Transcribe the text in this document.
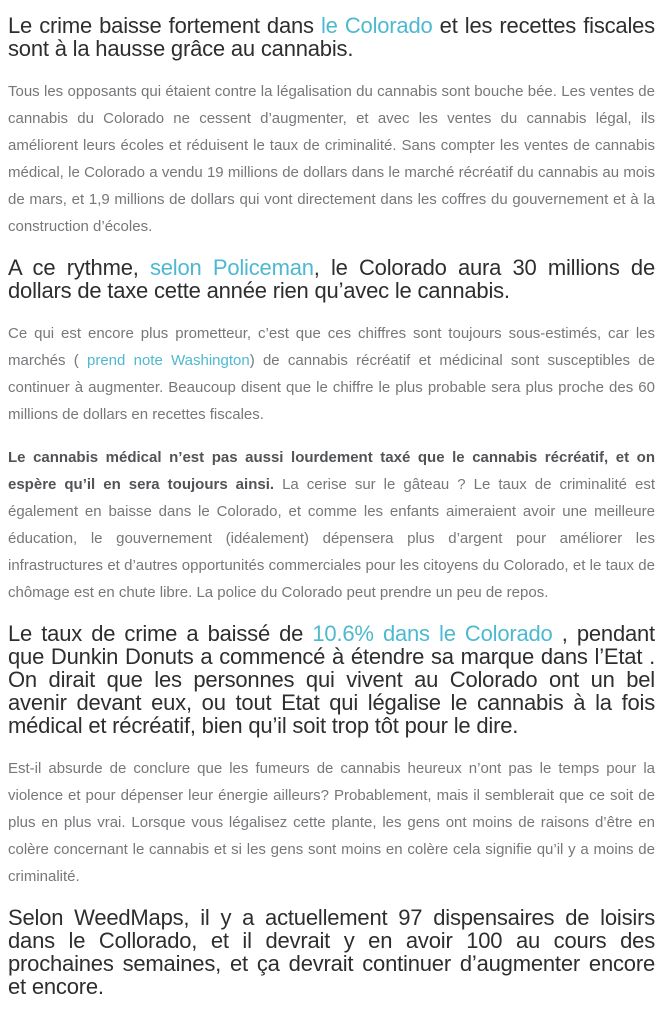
Le crime baisse fortement dans le Colorado et les recettes fiscales sont à la hausse grâce au cannabis.

Tous les opposants qui étaient contre la légalisation du cannabis sont bouche bée. Les ventes de cannabis du Colorado ne cessent d’augmenter, et avec les ventes du cannabis légal, ils améliorent leurs écoles et réduisent le taux de criminalité. Sans compter les ventes de cannabis médical, le Colorado a vendu 19 millions de dollars dans le marché récréatif du cannabis au mois de mars, et 1,9 millions de dollars qui vont directement dans les coffres du gouvernement et à la construction d’écoles.

A ce rythme, selon Policeman, le Colorado aura 30 millions de dollars de taxe cette année rien qu’avec le cannabis.

Ce qui est encore plus prometteur, c’est que ces chiffres sont toujours sous-estimés, car les marchés ( prend note Washington) de cannabis récréatif et médicinal sont susceptibles de continuer à augmenter. Beaucoup disent que le chiffre le plus probable sera plus proche des 60 millions de dollars en recettes fiscales.

Le cannabis médical n’est pas aussi lourdement taxé que le cannabis récréatif, et on espère qu’il en sera toujours ainsi. La cerise sur le gâteau ? Le taux de criminalité est également en baisse dans le Colorado, et comme les enfants aimeraient avoir une meilleure éducation, le gouvernement (idéalement) dépensera plus d’argent pour améliorer les infrastructures et d’autres opportunités commerciales pour les citoyens du Colorado, et le taux de chômage est en chute libre. La police du Colorado peut prendre un peu de repos.

Le taux de crime a baissé de 10.6% dans le Colorado , pendant que Dunkin Donuts a commencé à étendre sa marque dans l’Etat . On dirait que les personnes qui vivent au Colorado ont un bel avenir devant eux, ou tout Etat qui légalise le cannabis à la fois médical et récréatif, bien qu’il soit trop tôt pour le dire.

Est-il absurde de conclure que les fumeurs de cannabis heureux n’ont pas le temps pour la violence et pour dépenser leur énergie ailleurs? Probablement, mais il semblerait que ce soit de plus en plus vrai. Lorsque vous légalisez cette plante, les gens ont moins de raisons d’être en colère concernant le cannabis et si les gens sont moins en colère cela signifie qu’il y a moins de criminalité.

Selon WeedMaps, il y a actuellement 97 dispensaires de loisirs dans le Collorado, et il devrait y en avoir 100 au cours des prochaines semaines, et ça devrait continuer d’augmenter encore et encore.
